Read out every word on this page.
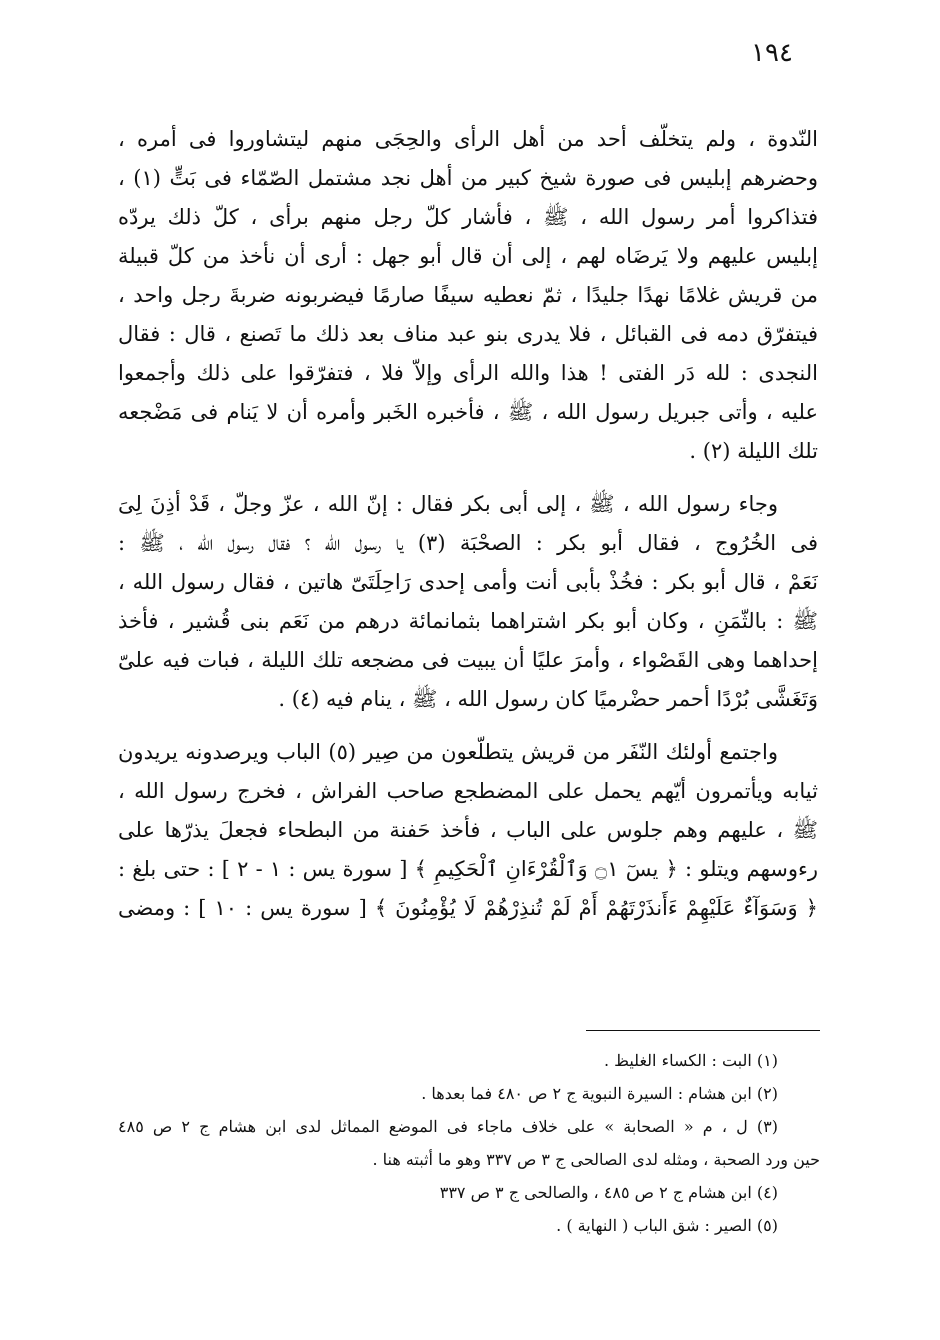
١٩٤
النّدوة ، ولم يتخلّف أحد من أهل الرأى والحِجَى منهم ليتشاوروا فى أمره ،
وحضرهم إبليس فى صورة شيخ كبير من أهل نجد مشتمل الصّمّاء فى بَتٍّ (١) ،
فتذاكروا أمر رسول الله ، ﷺ ، فأشار كلّ رجل منهم برأى ، كلّ ذلك يردّه
إبليس عليهم ولا يَرضَاه لهم ، إلى أن قال أبو جهل : أرى أن نأخذ من كلّ قبيلة
من قريش غلامًا نهدًا جليدًا ، ثمّ نعطيه سيفًا صارمًا فيضربونه ضربةَ رجل واحد ،
فيتفرّق دمه فى القبائل ، فلا يدرى بنو عبد مناف بعد ذلك ما تَصنع ، قال : فقال
النجدى : لله دَر الفتى ! هذا والله الرأى وإلاّ فلا ، فتفرّقوا على ذلك وأجمعوا
عليه ، وأتى جبريل رسول الله ، ﷺ ، فأخبره الخَبر وأمره أن لا يَنام فى مَضْجعه
تلك الليلة (٢) .
وجاء رسول الله ، ﷺ ، إلى أبى بكر فقال : إنّ الله ، عزّ وجلّ ، قَدْ أذِنَ لِىَ
فى الخُرُوج ، فقال أبو بكر : الصحْبَة (٣) يا رسول الله ؟ فقال رسول الله ، ﷺ :
نَعَمْ ، قال أبو بكر : فخُذْ بأبى أنت وأمى إحدى رَاحِلَتَىّ هاتين ، فقال رسول الله ،
ﷺ : بالثّمَنِ ، وكان أبو بكر اشتراهما بثمانمائة درهم من نَعَم بنى قُشير ، فأخذ
إحداهما وهى القَصْواء ، وأمرَ عليًا أن يبيت فى مضجعه تلك الليلة ، فبات فيه علىّ
وَتَغَشَّى بُرْدًا أحمر حضْرميًا كان رسول الله ، ﷺ ، ينام فيه (٤) .
واجتمع أولئك النّفَر من قريش يتطلّعون من صِير (٥) الباب ويرصدونه يريدون
ثيابه ويأتمرون أيّهم يحمل على المضطجع صاحب الفراش ، فخرج رسول الله ،
ﷺ ، عليهم وهم جلوس على الباب ، فأخذ حَفنة من البطحاء فجعلَ يذرّها على
رءوسهم ويتلو : ﴿ يسٓ ۝١ وَٱلْقُرْءَانِ ٱلْحَكِيمِ ﴾ [ سورة يس : ١ - ٢ ] : حتى بلغ :
﴿ وَسَوَآءٌ عَلَيْهِمْ ءَأَنذَرْتَهُمْ أَمْ لَمْ تُنذِرْهُمْ لَا يُؤْمِنُونَ ﴾ [ سورة يس : ١٠ ] : ومضى
(١) البت : الكساء الغليظ .
(٢) ابن هشام : السيرة النبوية ج ٢ ص ٤٨٠ فما بعدها .
(٣) ل ، م « الصحابة » على خلاف ماجاء فى الموضع المماثل لدى ابن هشام ج ٢ ص ٤٨٥
حين ورد الصحبة ، ومثله لدى الصالحى ج ٣ ص ٣٣٧ وهو ما أثبته هنا .
(٤) ابن هشام ج ٢ ص ٤٨٥ ، والصالحى ج ٣ ص ٣٣٧
(٥) الصير : شق الباب ( النهاية ) .
